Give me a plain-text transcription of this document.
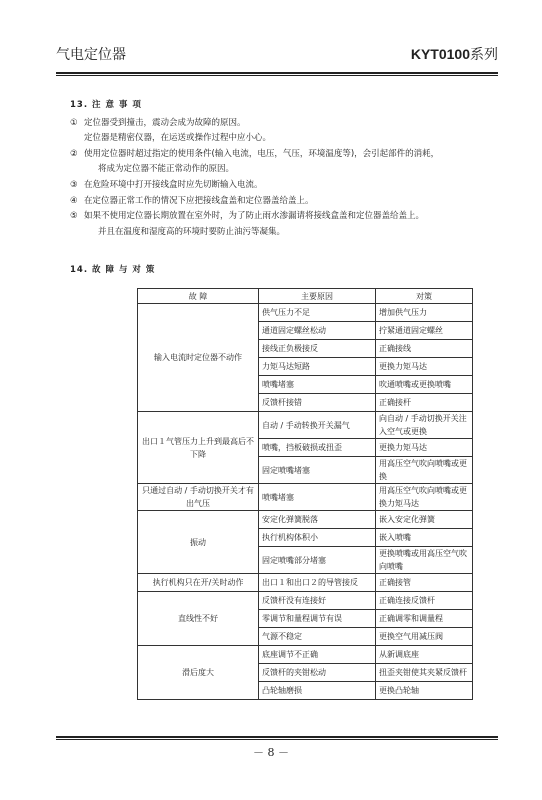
气电定位器	KYT0100系列
13. 注 意 事 项
① 定位器受到撞击，震动会成为故障的原因。
定位器是精密仪器，在运送或操作过程中应小心。
② 使用定位器时超过指定的使用条件(输入电流，电压，气压，环境温度等)，会引起部件的消耗，
将成为定位器不能正常动作的原因。
③ 在危险环境中打开接线盒时应先切断输入电流。
④ 在定位器正常工作的情况下应把接线盒盖和定位器盖给盖上。
⑤ 如果不使用定位器长期放置在室外时，为了防止雨水渗漏请将接线盒盖和定位器盖给盖上。
并且在温度和湿度高的环境时要防止油污等凝集。
14. 故 障 与 对 策
故 障	主要原因	对策
输入电流时定位器不动作	供气压力不足	增加供气压力
	通道固定螺丝松动	拧紧通道固定螺丝
	接线正负极接反	正确接线
	力矩马达短路	更换力矩马达
	喷嘴堵塞	吹通喷嘴或更换喷嘴
	反馈杆接错	正确接杆
出口１气管压力上升到最高后不下降	自动 / 手动转换开关漏气	向自动 / 手动切换开关注入空气或更换
	喷嘴，挡板破损或扭歪	更换力矩马达
	固定喷嘴堵塞	用高压空气吹向喷嘴或更换
只通过自动 / 手动切换开关才有出气压	喷嘴堵塞	用高压空气吹向喷嘴或更换力矩马达
振动	安定化弹簧脱落	嵌入安定化弹簧
	执行机构体积小	嵌入喷嘴
	固定喷嘴部分堵塞	更换喷嘴或用高压空气吹向喷嘴
执行机构只在开/关时动作	出口１和出口２的导管接反	正确接管
直线性不好	反馈杆没有连接好	正确连接反馈杆
	零调节和量程调节有误	正确调零和调量程
	气源不稳定	更换空气用减压阀
滑后度大	底座调节不正确	从新调底座
	反馈杆的夹钳松动	扭歪夹钳使其夹紧反馈杆
	凸轮轴磨损	更换凸轮轴
－ 8 －
